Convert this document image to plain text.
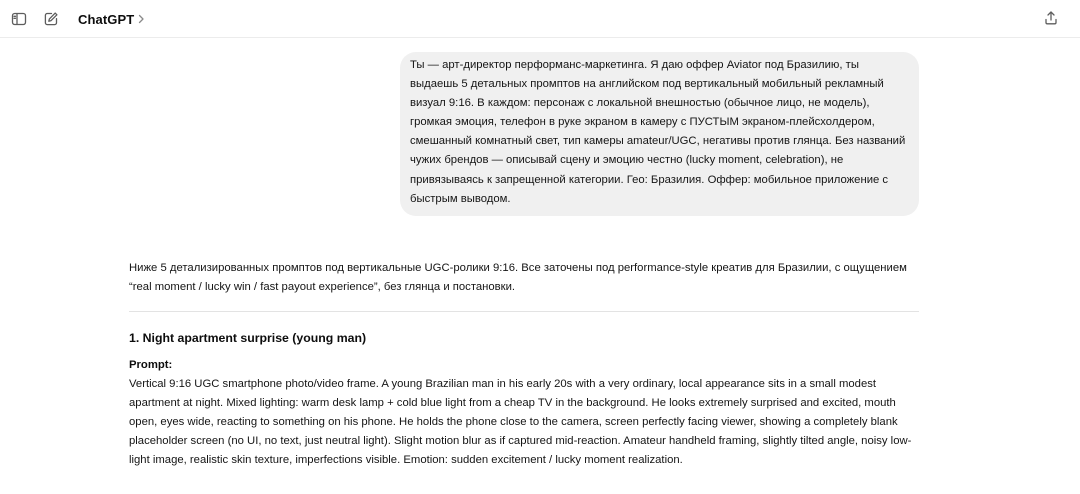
ChatGPT
Ты — арт-директор перформанс-маркетинга. Я даю оффер Aviator под Бразилию, ты выдаешь 5 детальных промптов на английском под вертикальный мобильный рекламный визуал 9:16. В каждом: персонаж с локальной внешностью (обычное лицо, не модель), громкая эмоция, телефон в руке экраном в камеру с ПУСТЫМ экраном-плейсхолдером, смешанный комнатный свет, тип камеры amateur/UGC, негативы против глянца. Без названий чужих брендов — описывай сцену и эмоцию честно (lucky moment, celebration), не привязываясь к запрещенной категории. Гео: Бразилия. Оффер: мобильное приложение с быстрым выводом.
Ниже 5 детализированных промптов под вертикальные UGC-ролики 9:16. Все заточены под performance-style креатив для Бразилии, с ощущением “real moment / lucky win / fast payout experience”, без глянца и постановки.
1. Night apartment surprise (young man)
Prompt:
Vertical 9:16 UGC smartphone photo/video frame. A young Brazilian man in his early 20s with a very ordinary, local appearance sits in a small modest apartment at night. Mixed lighting: warm desk lamp + cold blue light from a cheap TV in the background. He looks extremely surprised and excited, mouth open, eyes wide, reacting to something on his phone. He holds the phone close to the camera, screen perfectly facing viewer, showing a completely blank placeholder screen (no UI, no text, just neutral light). Slight motion blur as if captured mid-reaction. Amateur handheld framing, slightly tilted angle, noisy low-light image, realistic skin texture, imperfections visible. Emotion: sudden excitement / lucky moment realization.
